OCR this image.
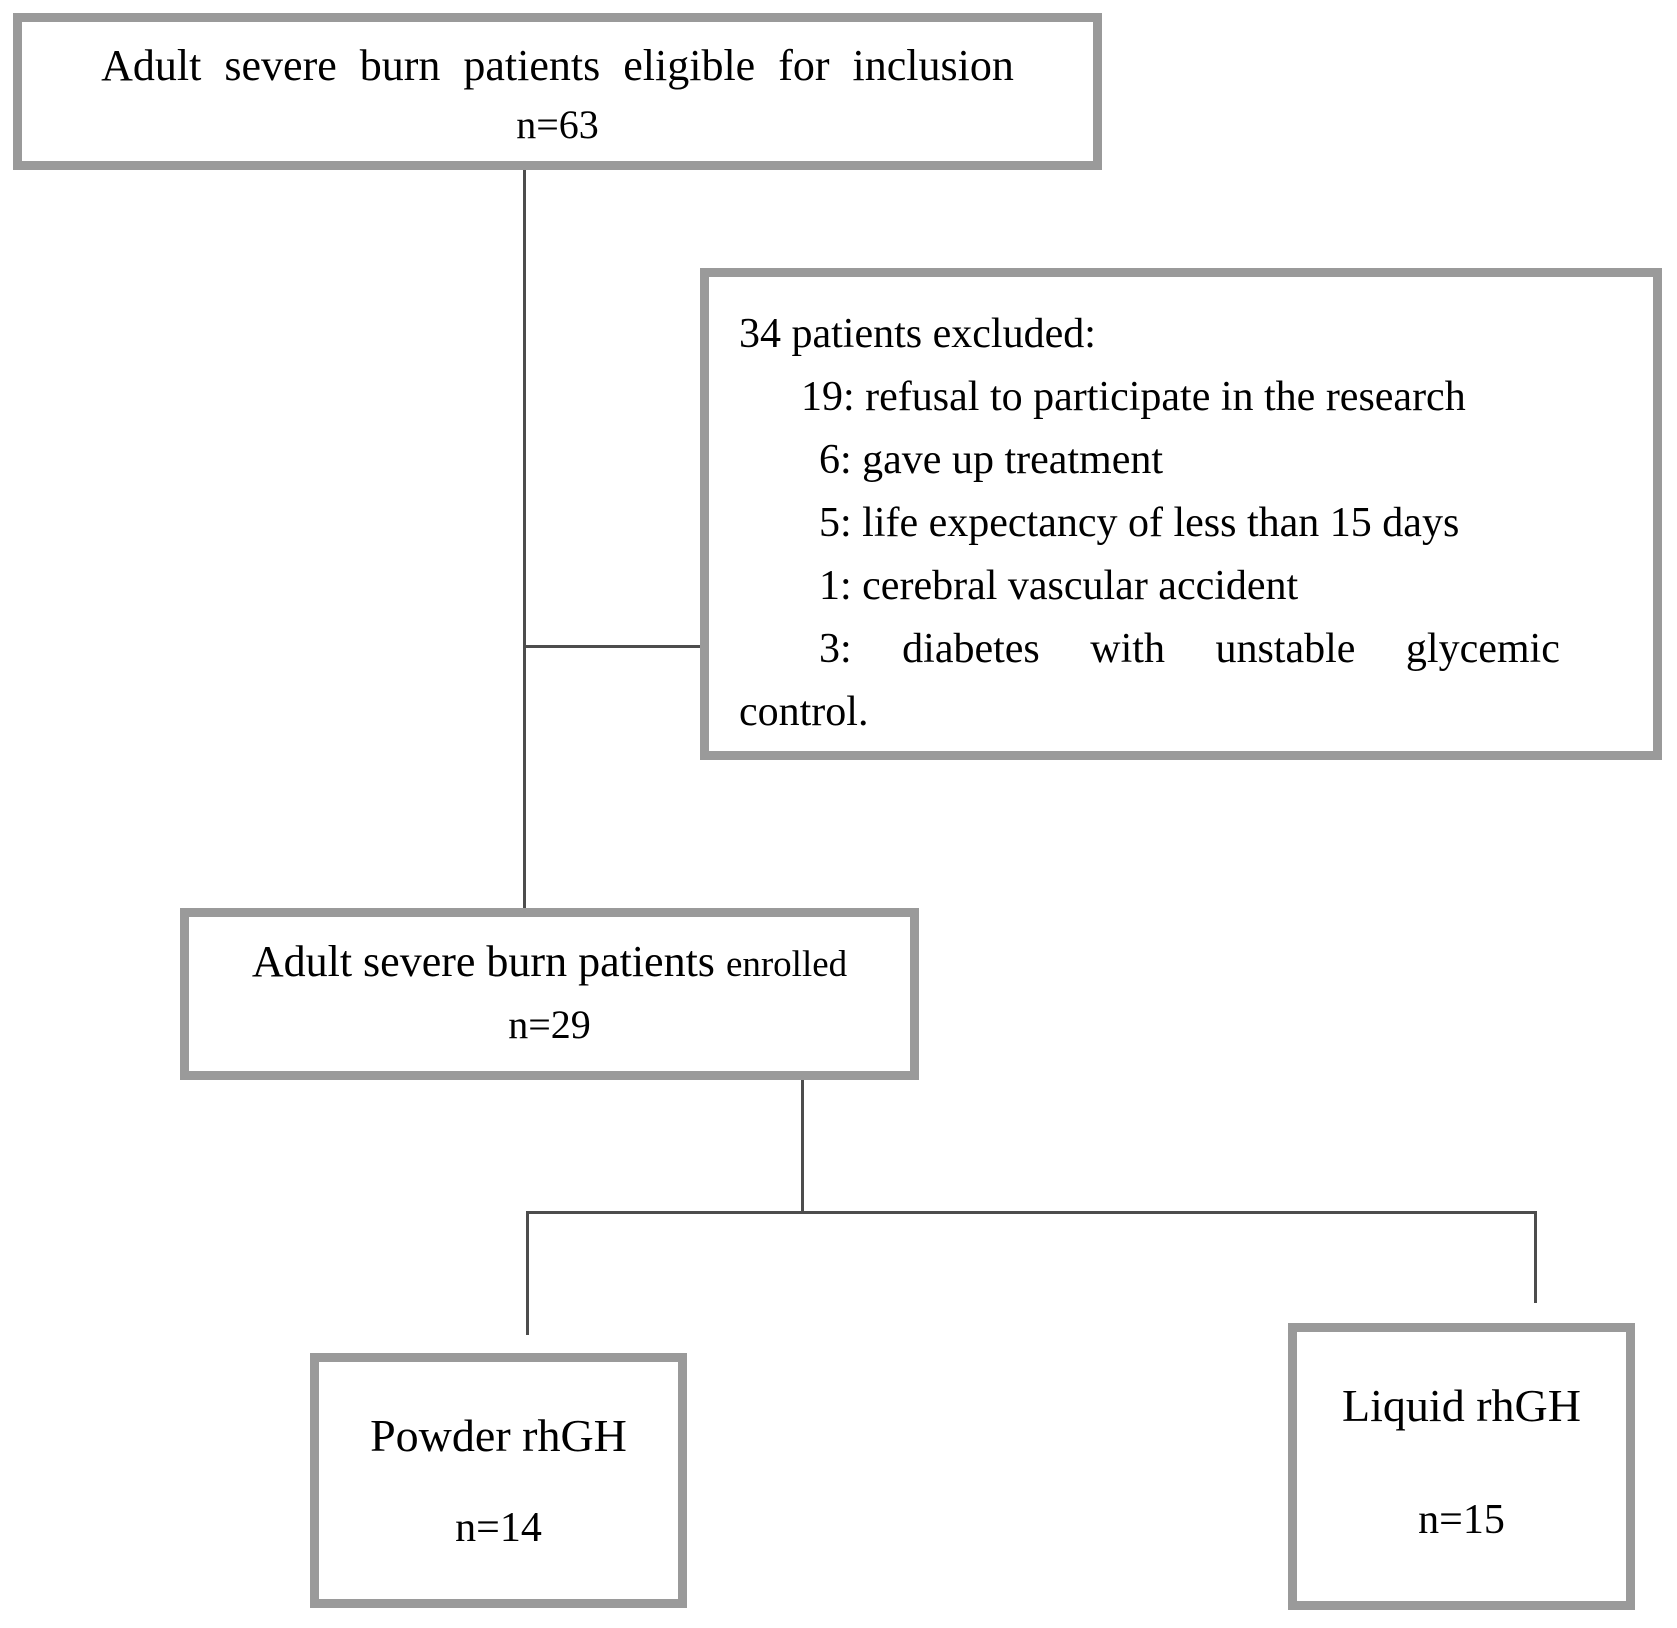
Adult severe burn patients eligible for inclusion
n=63
34 patients excluded:
19: refusal to participate in the research
6: gave up treatment
5: life expectancy of less than 15 days
1: cerebral vascular accident
3: diabetes with unstable glycemic
control.
Adult severe burn patients enrolled
n=29
Powder rhGH
n=14
Liquid rhGH
n=15
